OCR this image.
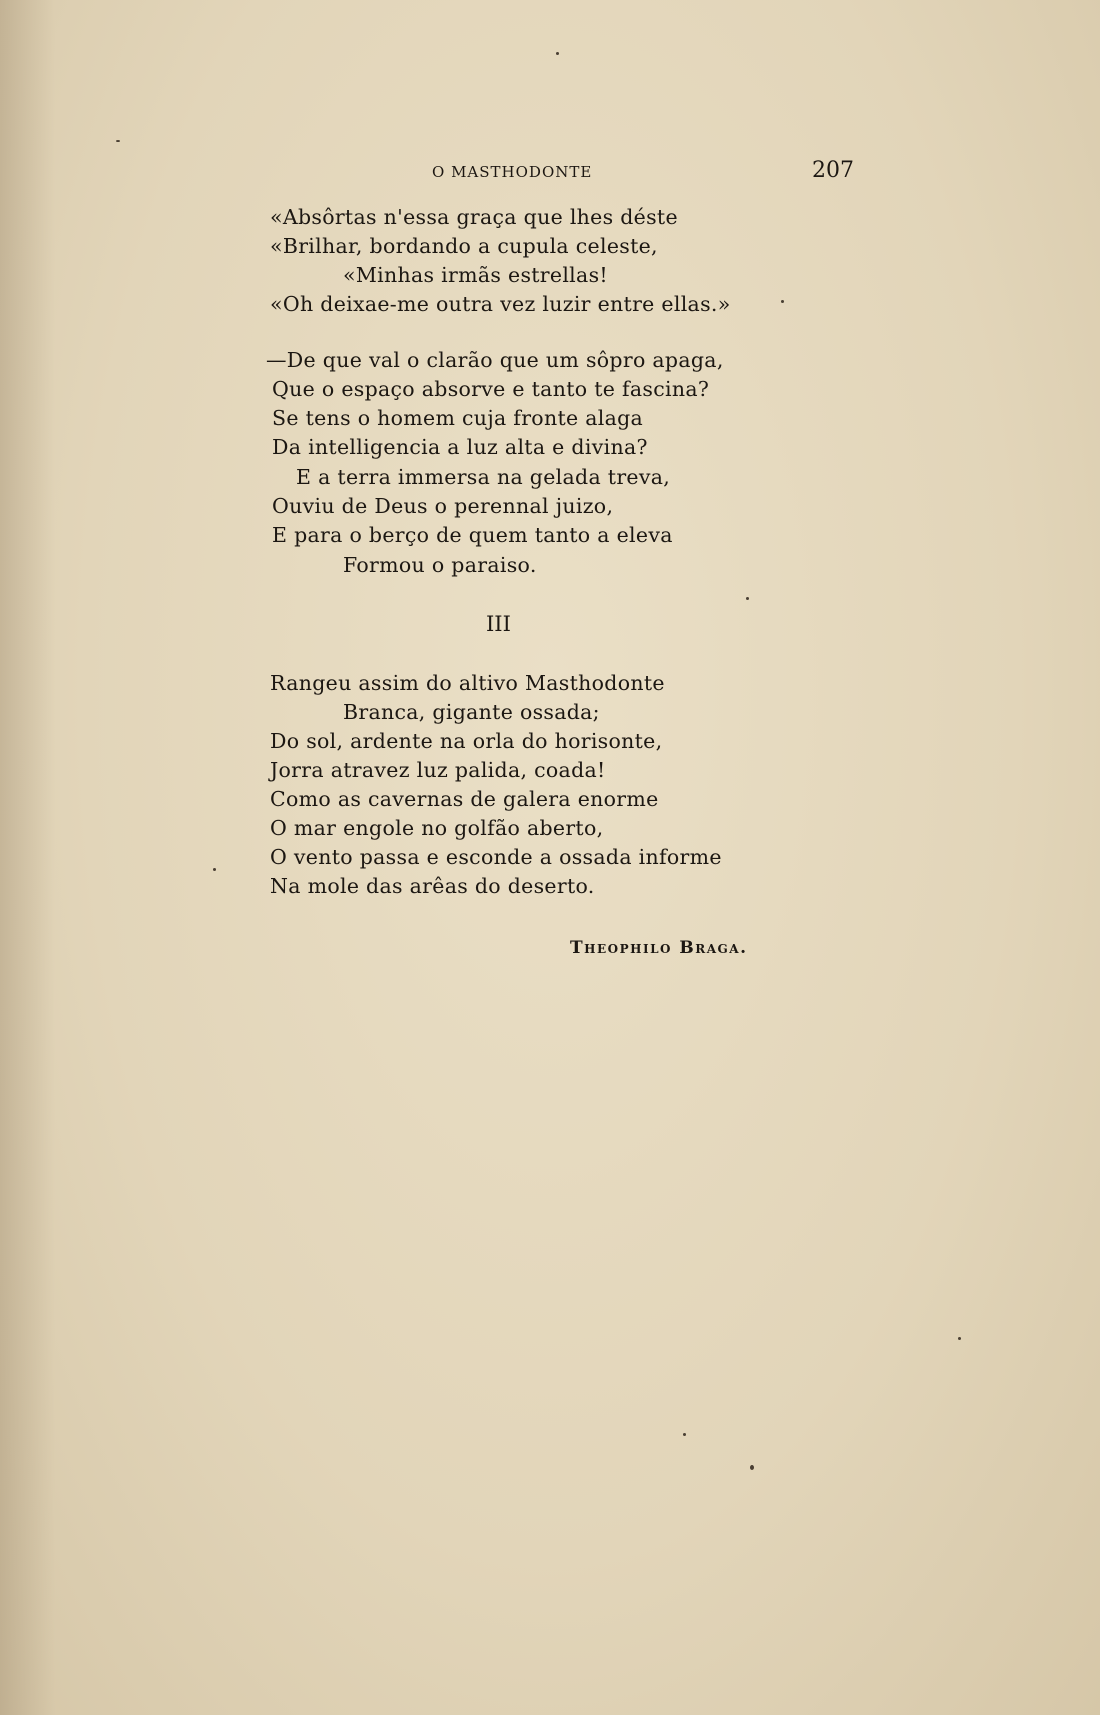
O MASTHODONTE	207
«Absôrtas n'essa graça que lhes déste
«Brilhar, bordando a cupula celeste,
«Minhas irmãs estrellas!
«Oh deixae-me outra vez luzir entre ellas.»
—De que val o clarão que um sôpro apaga,
Que o espaço absorve e tanto te fascina?
Se tens o homem cuja fronte alaga
Da intelligencia a luz alta e divina?
E a terra immersa na gelada treva,
Ouviu de Deus o perennal juizo,
E para o berço de quem tanto a eleva
Formou o paraiso.
III
Rangeu assim do altivo Masthodonte
Branca, gigante ossada;
Do sol, ardente na orla do horisonte,
Jorra atravez luz palida, coada!
Como as cavernas de galera enorme
O mar engole no golfão aberto,
O vento passa e esconde a ossada informe
Na mole das arêas do deserto.
Theophilo Braga.
